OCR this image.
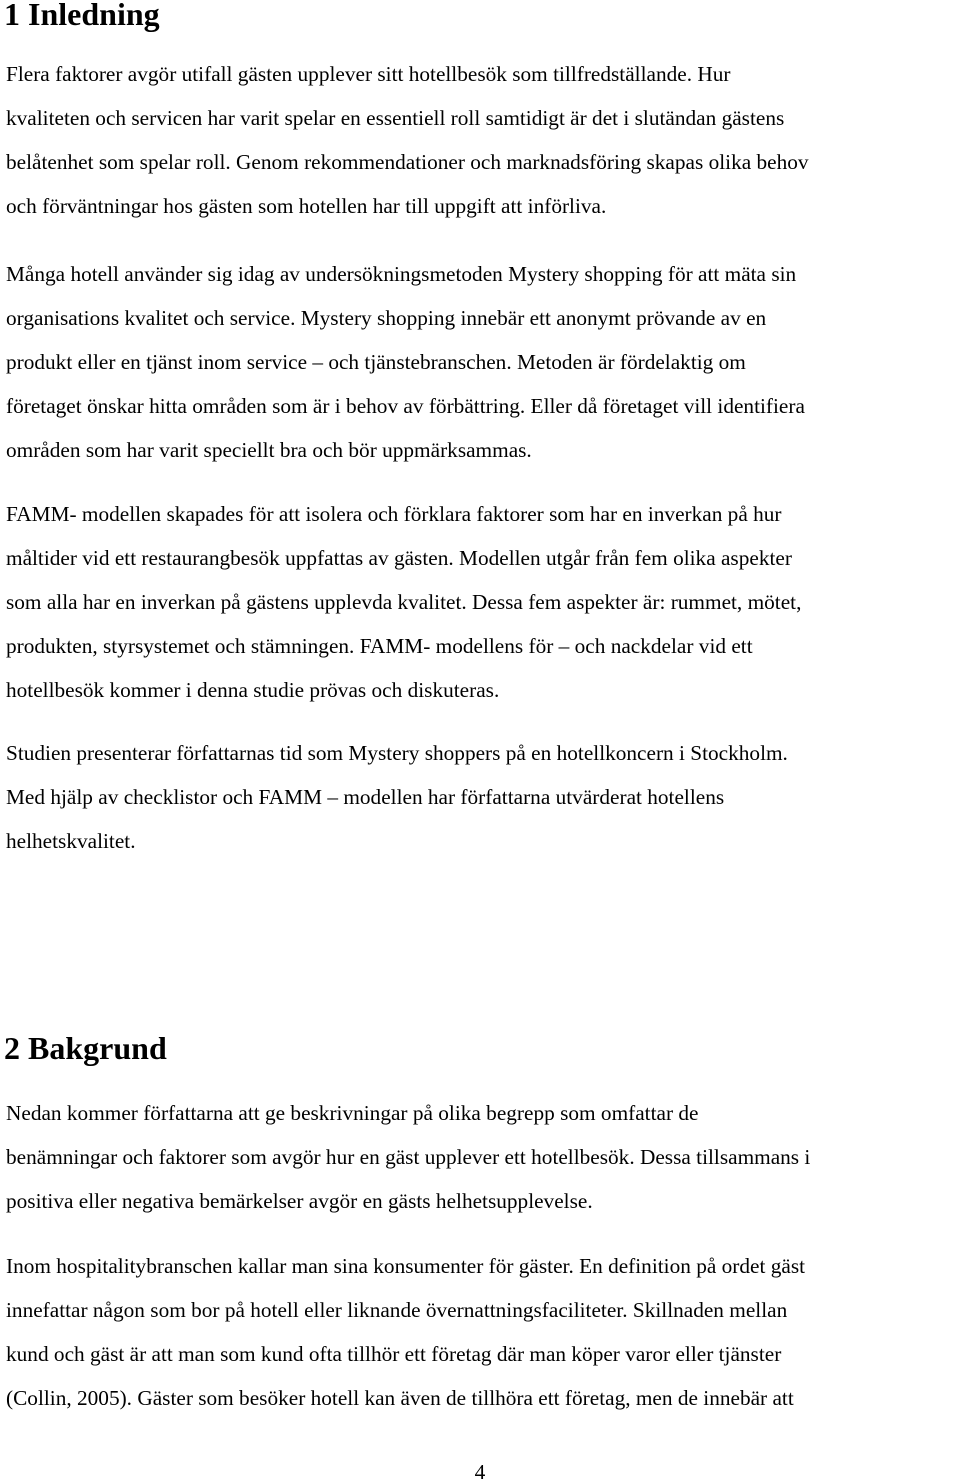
1 Inledning

Flera faktorer avgör utifall gästen upplever sitt hotellbesök som tillfredställande. Hur
kvaliteten och servicen har varit spelar en essentiell roll samtidigt är det i slutändan gästens
belåtenhet som spelar roll. Genom rekommendationer och marknadsföring skapas olika behov
och förväntningar hos gästen som hotellen har till uppgift att införliva.

Många hotell använder sig idag av undersökningsmetoden Mystery shopping för att mäta sin
organisations kvalitet och service. Mystery shopping innebär ett anonymt prövande av en
produkt eller en tjänst inom service – och tjänstebranschen. Metoden är fördelaktig om
företaget önskar hitta områden som är i behov av förbättring. Eller då företaget vill identifiera
områden som har varit speciellt bra och bör uppmärksammas.

FAMM- modellen skapades för att isolera och förklara faktorer som har en inverkan på hur
måltider vid ett restaurangbesök uppfattas av gästen. Modellen utgår från fem olika aspekter
som alla har en inverkan på gästens upplevda kvalitet. Dessa fem aspekter är: rummet, mötet,
produkten, styrsystemet och stämningen. FAMM- modellens för – och nackdelar vid ett
hotellbesök kommer i denna studie prövas och diskuteras.

Studien presenterar författarnas tid som Mystery shoppers på en hotellkoncern i Stockholm.
Med hjälp av checklistor och FAMM – modellen har författarna utvärderat hotellens
helhetskvalitet.

2 Bakgrund

Nedan kommer författarna att ge beskrivningar på olika begrepp som omfattar de
benämningar och faktorer som avgör hur en gäst upplever ett hotellbesök. Dessa tillsammans i
positiva eller negativa bemärkelser avgör en gästs helhetsupplevelse.

Inom hospitalitybranschen kallar man sina konsumenter för gäster. En definition på ordet gäst
innefattar någon som bor på hotell eller liknande övernattningsfaciliteter. Skillnaden mellan
kund och gäst är att man som kund ofta tillhör ett företag där man köper varor eller tjänster
(Collin, 2005). Gäster som besöker hotell kan även de tillhöra ett företag, men de innebär att

4
